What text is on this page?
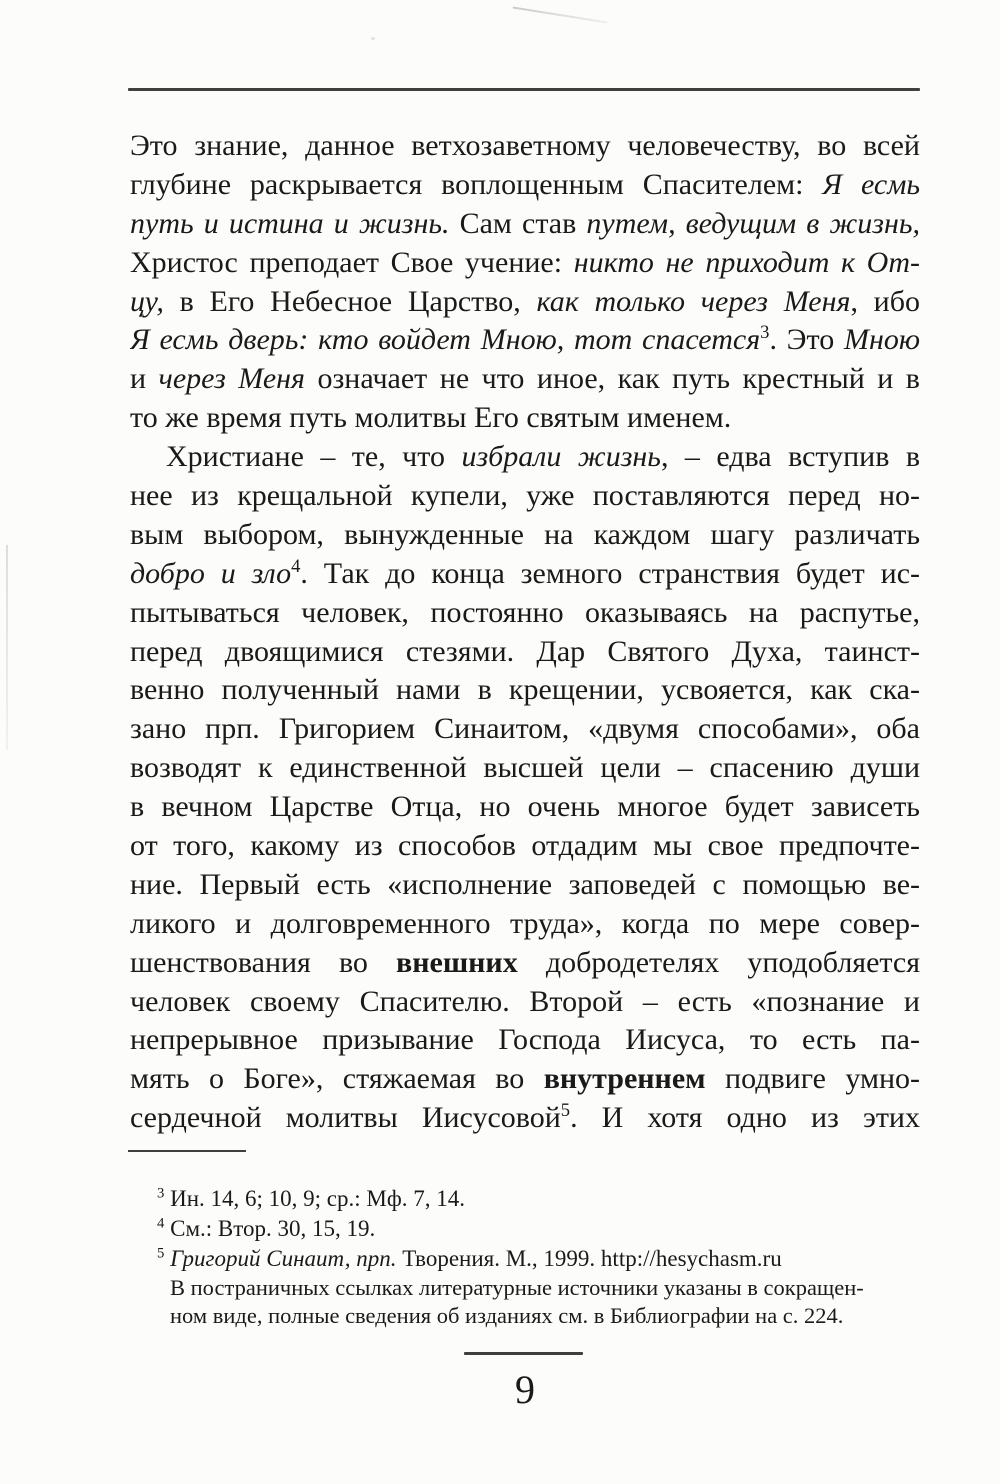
Это знание, данное ветхозаветному человечеству, во всей
глубине раскрывается воплощенным Спасителем: Я есмь
путь и истина и жизнь. Сам став путем, ведущим в жизнь,
Христос преподает Свое учение: никто не приходит к От-
цу, в Его Небесное Царство, как только через Меня, ибо
Я есмь дверь: кто войдет Мною, тот спасется$^3$. Это Мною
и через Меня означает не что иное, как путь крестный и в
то же время путь молитвы Его святым именем.
Христиане – те, что избрали жизнь, – едва вступив в
нее из крещальной купели, уже поставляются перед но-
вым выбором, вынужденные на каждом шагу различать
добро и зло$^4$. Так до конца земного странствия будет ис-
пытываться человек, постоянно оказываясь на распутье,
перед двоящимися стезями. Дар Святого Духа, таинст-
венно полученный нами в крещении, усвояется, как ска-
зано прп. Григорием Синаитом, «двумя способами», оба
возводят к единственной высшей цели – спасению души
в вечном Царстве Отца, но очень многое будет зависеть
от того, какому из способов отдадим мы свое предпочте-
ние. Первый есть «исполнение заповедей с помощью ве-
ликого и долговременного труда», когда по мере совер-
шенствования во внешних добродетелях уподобляется
человек своему Спасителю. Второй – есть «познание и
непрерывное призывание Господа Иисуса, то есть па-
мять о Боге», стяжаемая во внутреннем подвиге умно-
сердечной молитвы Иисусовой$^5$. И хотя одно из этих
$^3$ Ин. 14, 6; 10, 9; ср.: Мф. 7, 14.
$^4$ См.: Втор. 30, 15, 19.
$^5$ Григорий Синаит, прп. Творения. М., 1999. http://hesychasm.ru
В постраничных ссылках литературные источники указаны в сокращен-
ном виде, полные сведения об изданиях см. в Библиографии на с. 224.
9
